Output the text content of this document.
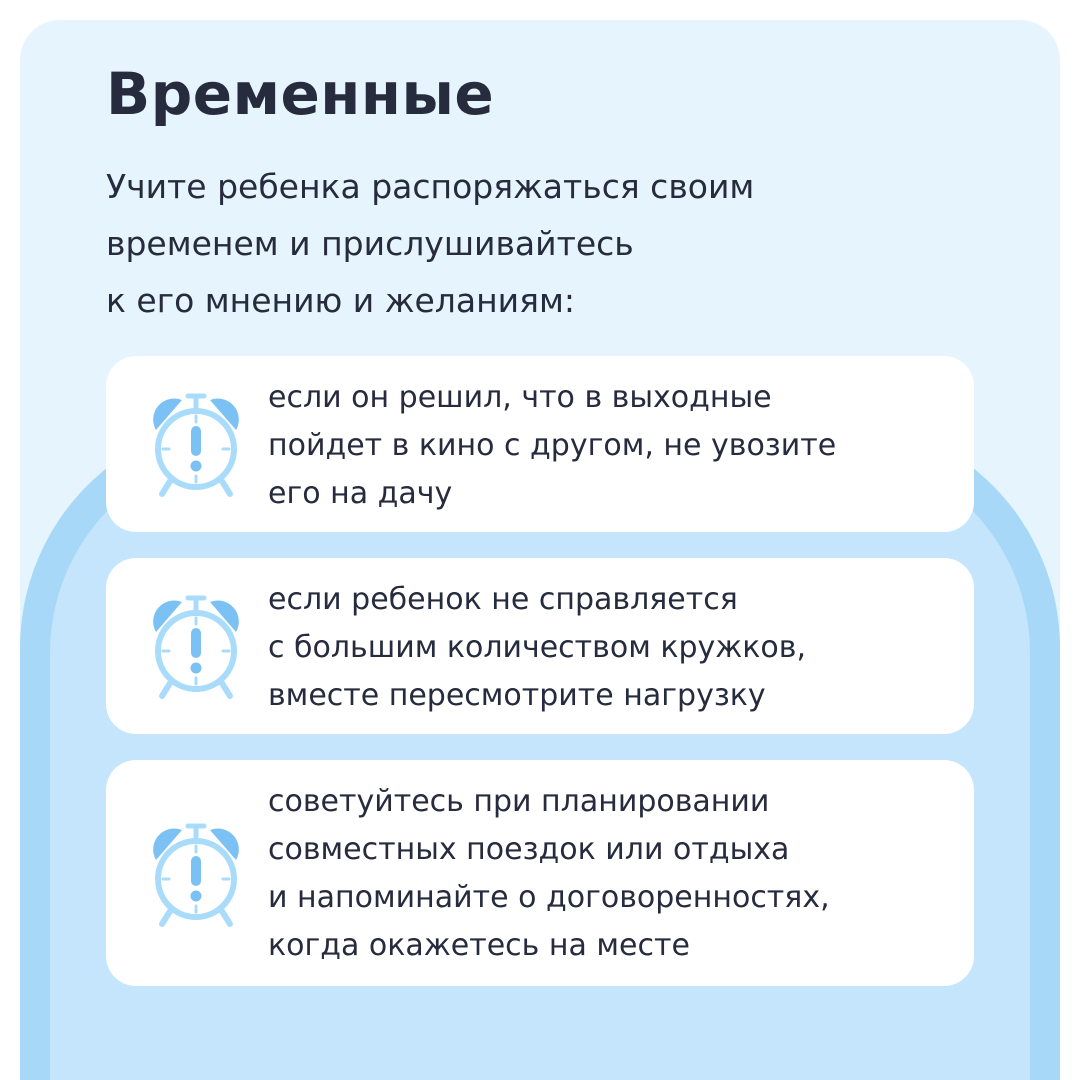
Временные

Учите ребенка распоряжаться своим
временем и прислушивайтесь
к его мнению и желаниям:

если он решил, что в выходные
пойдет в кино с другом, не увозите
его на дачу

если ребенок не справляется
с большим количеством кружков,
вместе пересмотрите нагрузку

советуйтесь при планировании
совместных поездок или отдыха
и напоминайте о договоренностях,
когда окажетесь на месте
